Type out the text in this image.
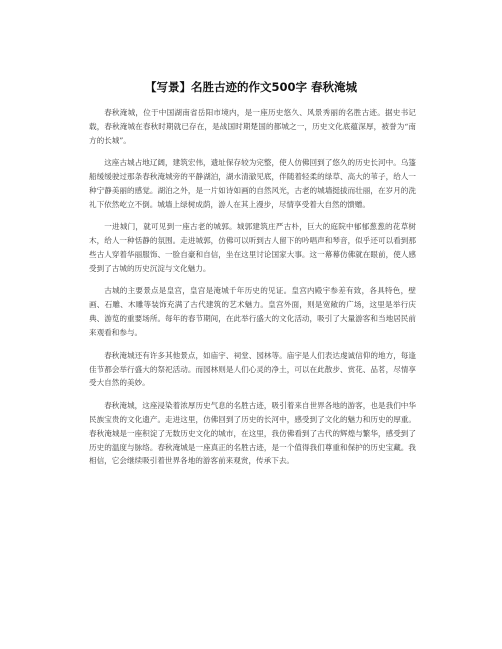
【写景】名胜古迹的作文500字 春秋淹城

春秋淹城，位于中国湖南省岳阳市境内，是一座历史悠久、风景秀丽的名胜古迹。据史书记载，春秋淹城在春秋时期就已存在，是战国时期楚国的都城之一，历史文化底蕴深厚，被誉为“南方的长城”。

这座古城占地辽阔，建筑宏伟，遗址保存较为完整，使人仿佛回到了悠久的历史长河中。乌篷船缓缓驶过那条春秋淹城旁的平静湖泊，湖水清澈见底，伴随着轻柔的绿草、高大的苇子，给人一种宁静美丽的感觉。湖泊之外，是一片如诗如画的自然风光，古老的城墙挺拔而壮丽，在岁月的洗礼下依然屹立不倒。城墙上绿树成荫，游人在其上漫步，尽情享受着大自然的馈赠。

一进城门，就可见到一座古老的城郭。城郭建筑庄严古朴，巨大的庭院中郁郁葱葱的花草树木，给人一种恬静的氛围。走进城郭，仿佛可以听到古人留下的吟唱声和琴音，似乎还可以看到那些古人穿着华丽服饰、一脸自豪和自信，坐在这里讨论国家大事。这一幕幕仿佛就在眼前，使人感受到了古城的历史沉淀与文化魅力。

古城的主要景点是皇宫，皇宫是淹城千年历史的见证。皇宫内殿宇参差有致，各具特色，壁画、石雕、木雕等装饰充满了古代建筑的艺术魅力。皇宫外面，则是宽敞的广场，这里是举行庆典、游览的重要场所。每年的春节期间，在此举行盛大的文化活动，吸引了大量游客和当地居民前来观看和参与。

春秋淹城还有许多其他景点，如庙宇、祠堂、园林等。庙宇是人们表达虔诚信仰的地方，每逢佳节都会举行盛大的祭祀活动。而园林则是人们心灵的净土，可以在此散步、赏花、品茗，尽情享受大自然的美妙。

春秋淹城，这座浸染着浓厚历史气息的名胜古迹，吸引着来自世界各地的游客，也是我们中华民族宝贵的文化遗产。走进这里，仿佛回到了历史的长河中，感受到了文化的魅力和历史的厚重。春秋淹城是一座积淀了无数历史文化的城市，在这里，我仿佛看到了古代的辉煌与繁华，感受到了历史的温度与脉络。春秋淹城是一座真正的名胜古迹，是一个值得我们尊重和保护的历史宝藏。我相信，它会继续吸引着世界各地的游客前来观赏，传承下去。
